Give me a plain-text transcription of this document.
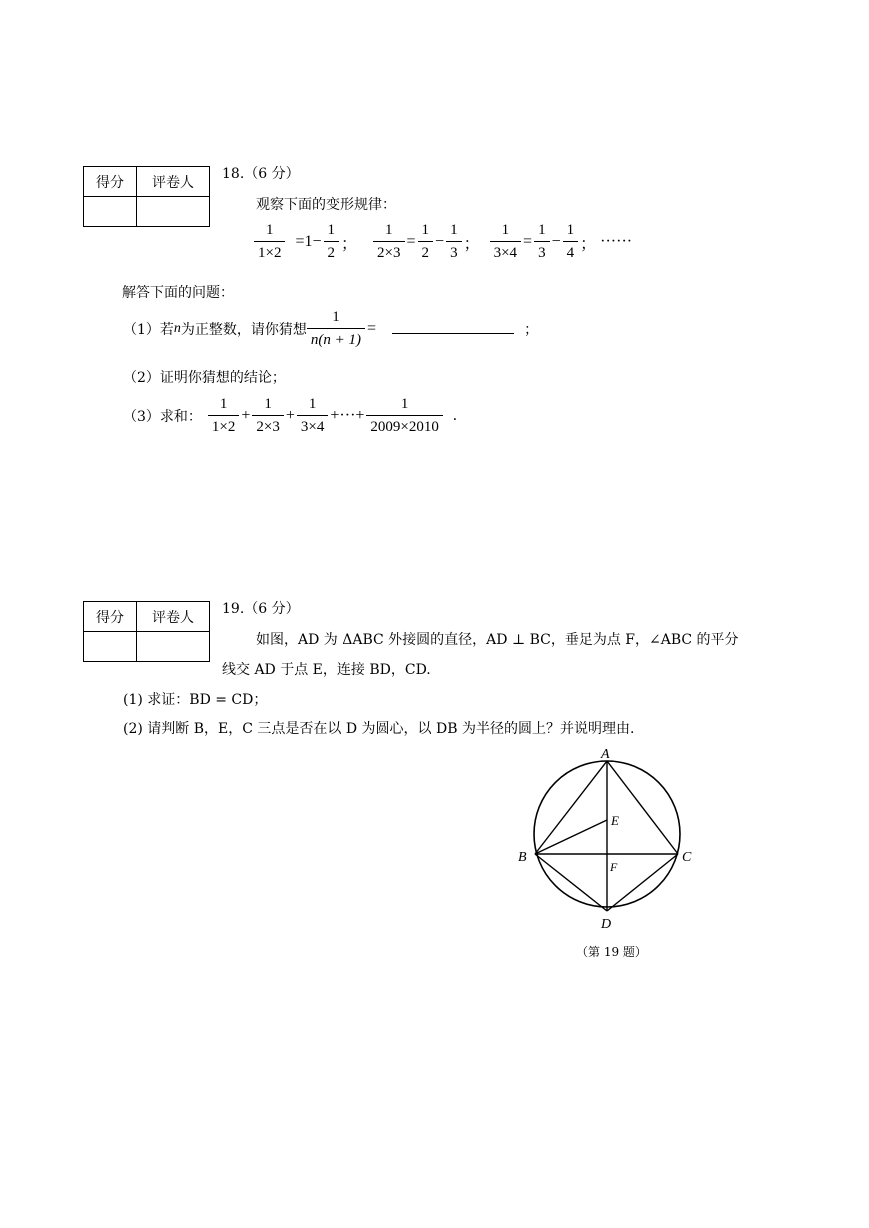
得分	评卷人

18.（6 分）
观察下面的变形规律：
$\frac{1}{1\times 2} =1- \frac{1}{2}$ ； $\frac{1}{2\times 3} = \frac{1}{2} - \frac{1}{3}$ ； $\frac{1}{3\times 4} = \frac{1}{3} - \frac{1}{4}$ ； ······
解答下面的问题：
（1）若 n 为正整数，请你猜想 $\frac{1}{n(n + 1)}$ =	；
（2）证明你猜想的结论；
（3）求和： $\frac{1}{1\times 2} + \frac{1}{2\times 3} + \frac{1}{3\times 4}$ +···+ $\frac{1}{2009\times 2010}$ .
得分	评卷人

19.（6 分）
如图，AD 为 ΔABC 外接圆的直径，AD ⊥ BC，垂足为点 F，∠ABC 的平分
线交 AD 于点 E，连接 BD，CD.
(1) 求证：BD = CD；
(2) 请判断 B，E，C 三点是否在以 D 为圆心，以 DB 为半径的圆上？并说明理由.
A
B	C
D
E
F
（第 19 题）
